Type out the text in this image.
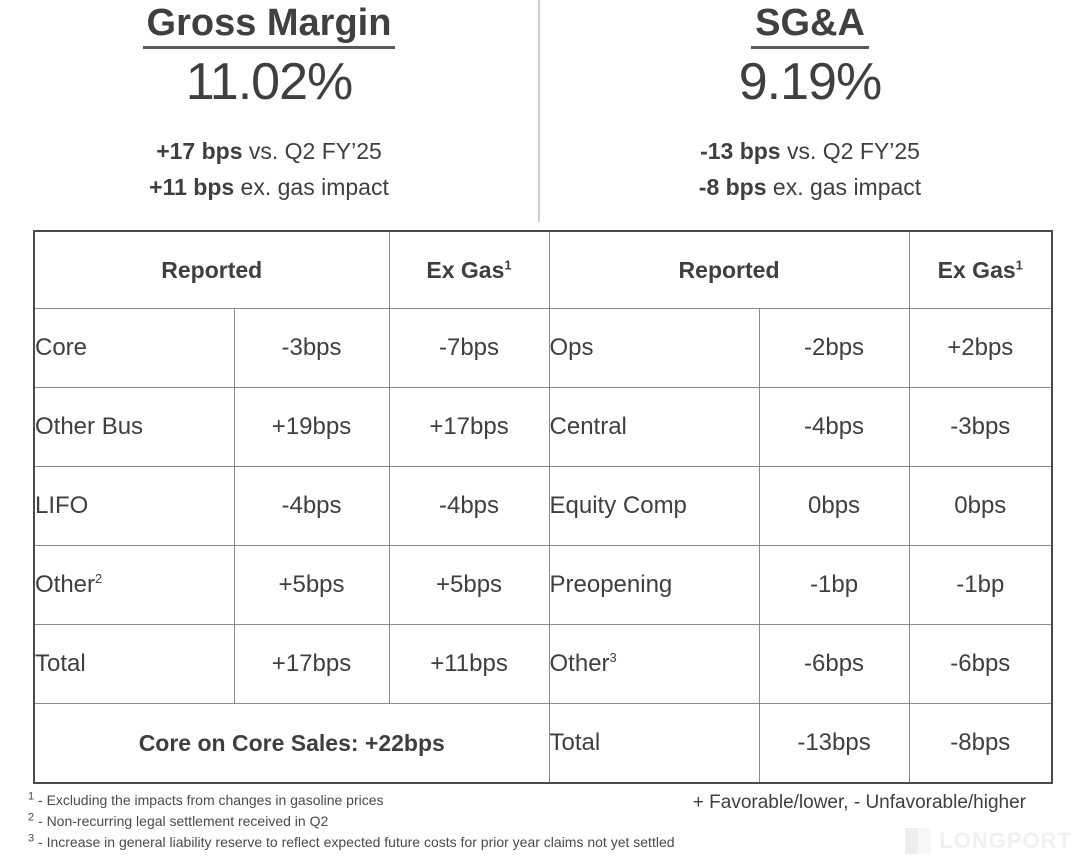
Gross Margin
11.02%
+17 bps vs. Q2 FY’25
+11 bps ex. gas impact
SG&A
9.19%
-13 bps vs. Q2 FY’25
-8 bps ex. gas impact
Reported		Ex Gas$^1$	Reported		Ex Gas$^1$
Core	-3bps	-7bps	Ops	-2bps	+2bps
Other Bus	+19bps	+17bps	Central	-4bps	-3bps
LIFO	-4bps	-4bps	Equity Comp	0bps	0bps
Other$^2$	+5bps	+5bps	Preopening	-1bp	-1bp
Total	+17bps	+11bps	Other$^3$	-6bps	-6bps
Core on Core Sales: +22bps			Total	-13bps	-8bps
$^1$ - Excluding the impacts from changes in gasoline prices
$^2$ - Non-recurring legal settlement received in Q2
$^3$ - Increase in general liability reserve to reflect expected future costs for prior year claims not yet settled
+ Favorable/lower, - Unfavorable/higher
LONGPORT
